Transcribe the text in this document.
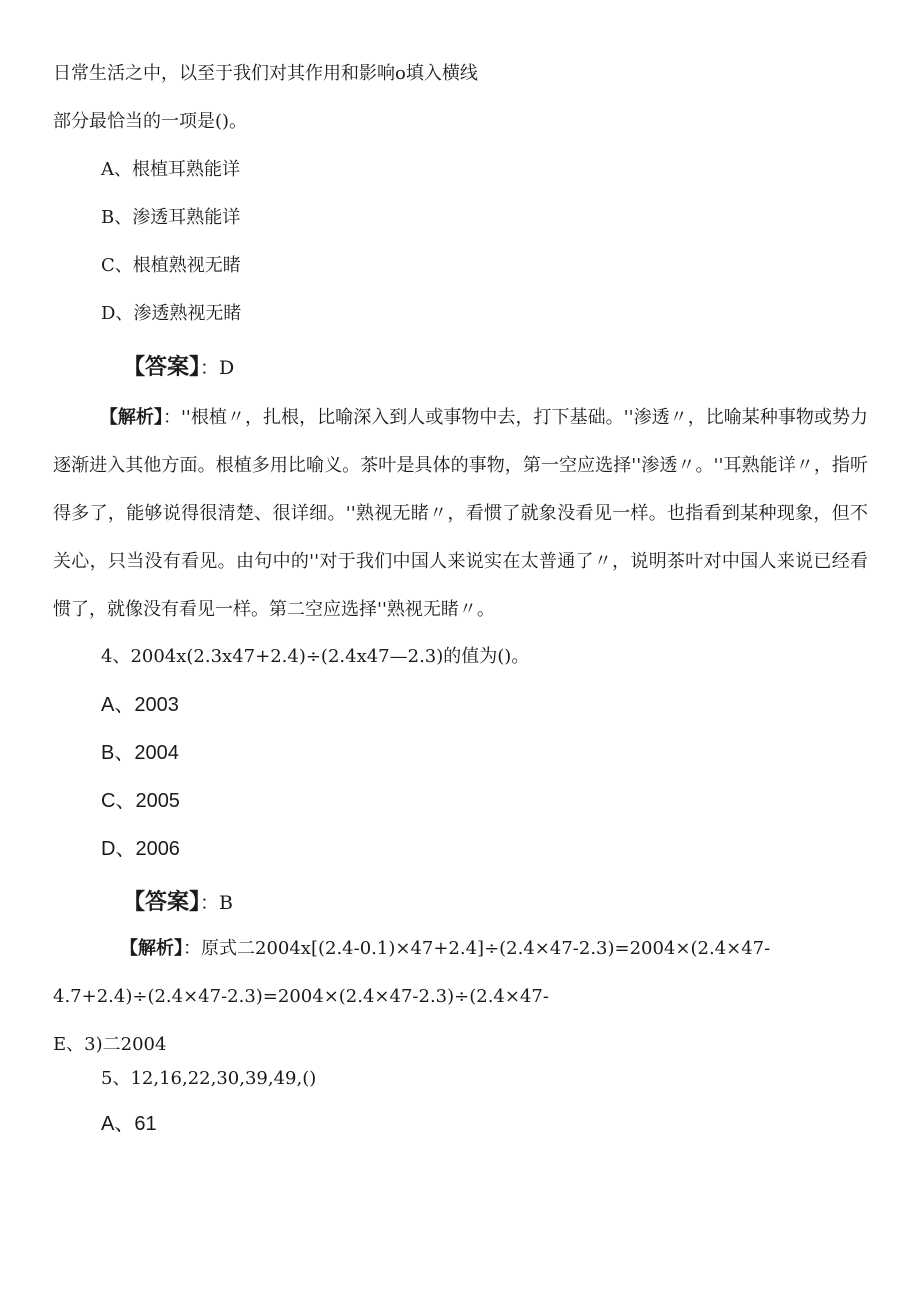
日常生活之中，以至于我们对其作用和影响o填入横线
部分最恰当的一项是()。
A、根植耳熟能详
B、渗透耳熟能详
C、根植熟视无睹
D、渗透熟视无睹
【答案】：D
【解析】：''根植〃，扎根，比喻深入到人或事物中去，打下基础。''渗透〃，比喻某种事物或势力逐渐进入其他方面。根植多用比喻义。茶叶是具体的事物，第一空应选择''渗透〃。''耳熟能详〃，指听得多了，能够说得很清楚、很详细。''熟视无睹〃，看惯了就象没看见一样。也指看到某种现象，但不关心，只当没有看见。由句中的''对于我们中国人来说实在太普通了〃，说明茶叶对中国人来说已经看惯了，就像没有看见一样。第二空应选择''熟视无睹〃。
4、2004x(2.3x47+2.4)÷(2.4x47—2.3)的值为()。
A、2003
B、2004
C、2005
D、2006
【答案】：B
【解析】：原式二2004x[(2.4-0.1)×47+2.4]÷(2.4×47-2.3)=2004×(2.4×47-
4.7+2.4)÷(2.4×47-2.3)=2004×(2.4×47-2.3)÷(2.4×47-
E、3)二2004
5、12,16,22,30,39,49,()
A、61
